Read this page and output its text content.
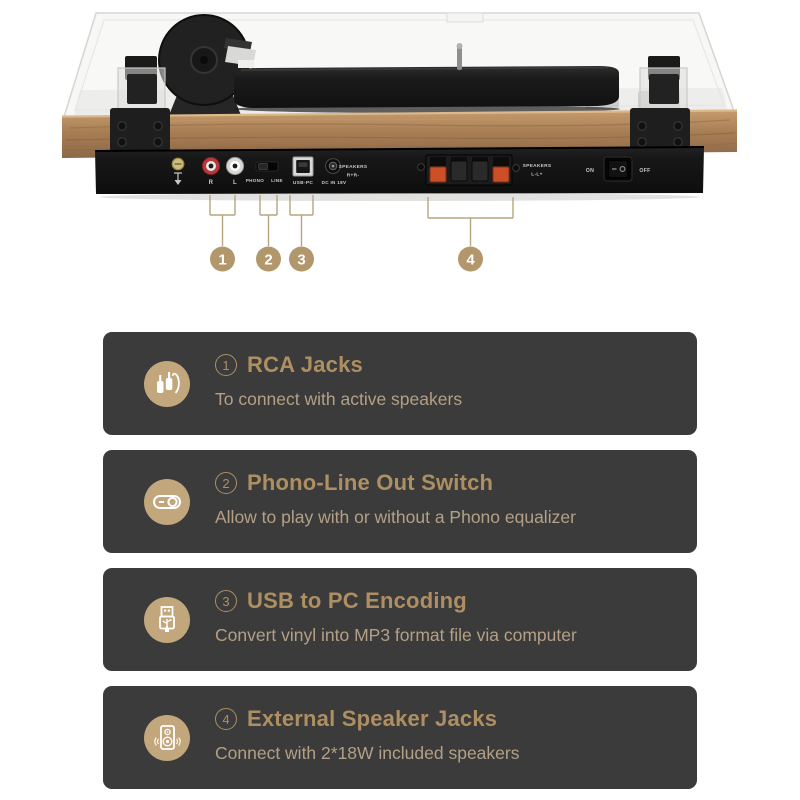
R	L PHONO LINE
USB-PC DC IN 18V
SPEAKERS
R+R-
SPEAKERS
L-L+
ON	OFF
1	2 3	4
1 RCA Jacks
To connect with active speakers
2 Phono-Line Out Switch
Allow to play with or without a Phono equalizer
3 USB to PC Encoding
Convert vinyl into MP3 format file via computer
4 External Speaker Jacks
Connect with 2*18W included speakers
